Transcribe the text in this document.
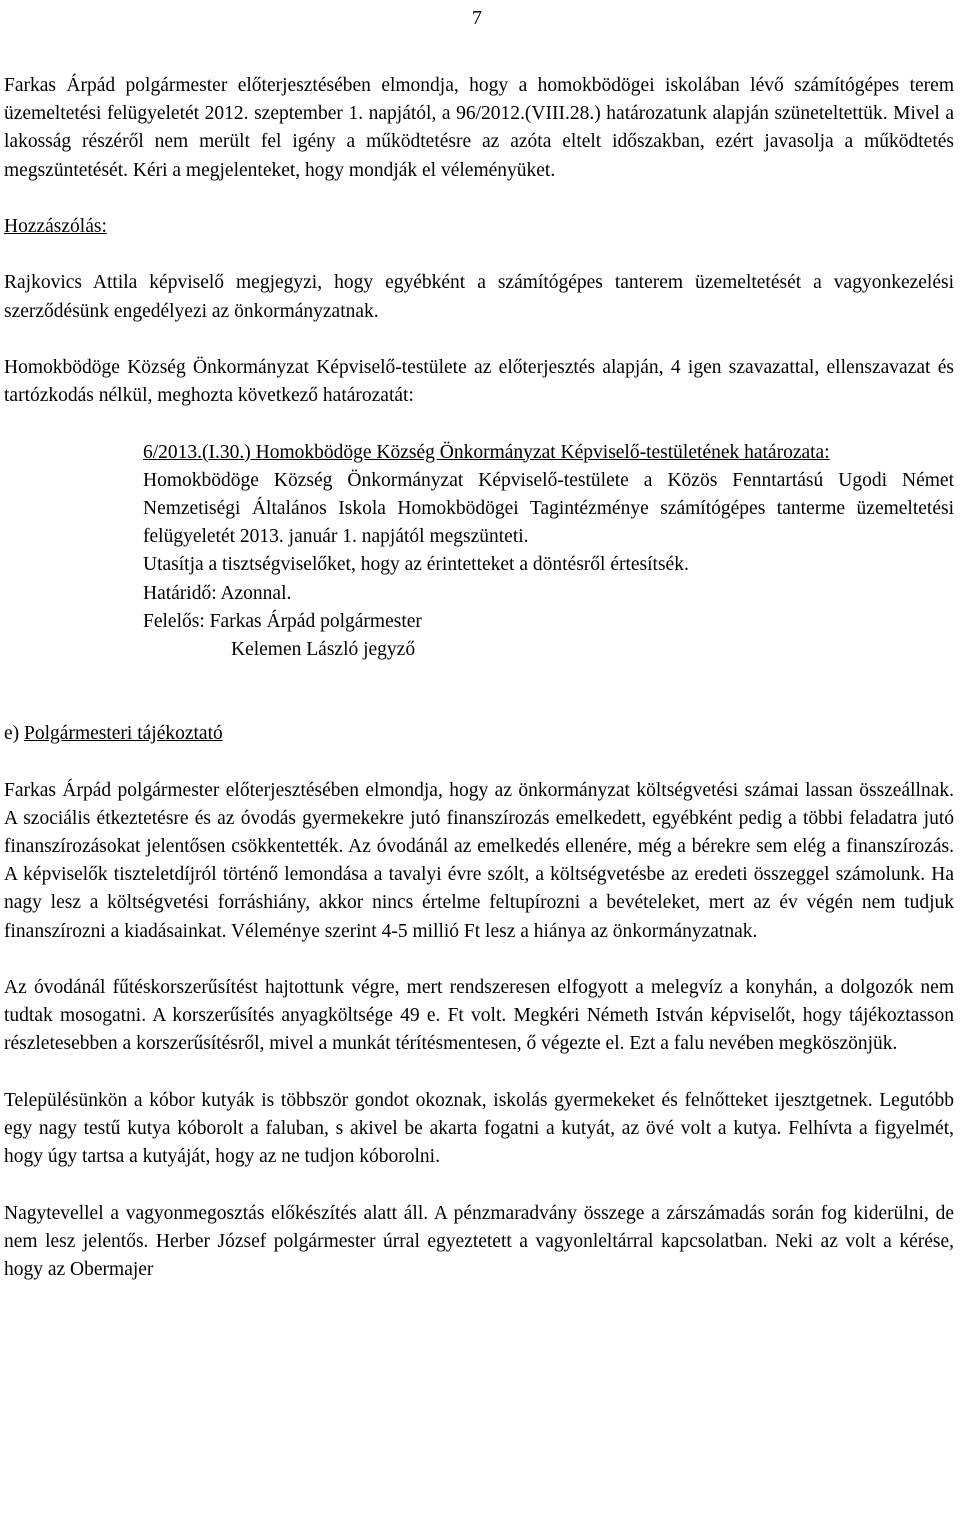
7

Farkas Árpád polgármester előterjesztésében elmondja, hogy a homokbödögei iskolában lévő számítógépes terem üzemeltetési felügyeletét 2012. szeptember 1. napjától, a 96/2012.(VIII.28.) határozatunk alapján szüneteltettük. Mivel a lakosság részéről nem merült fel igény a működtetésre az azóta eltelt időszakban, ezért javasolja a működtetés megszüntetését. Kéri a megjelenteket, hogy mondják el véleményüket.

Hozzászólás:

Rajkovics Attila képviselő megjegyzi, hogy egyébként a számítógépes tanterem üzemeltetését a vagyonkezelési szerződésünk engedélyezi az önkormányzatnak.

Homokbödöge Község Önkormányzat Képviselő-testülete az előterjesztés alapján, 4 igen szavazattal, ellenszavazat és tartózkodás nélkül, meghozta következő határozatát:

6/2013.(I.30.) Homokbödöge Község Önkormányzat Képviselő-testületének határozata:

Homokbödöge Község Önkormányzat Képviselő-testülete a Közös Fenntartású Ugodi Német Nemzetiségi Általános Iskola Homokbödögei Tagintézménye számítógépes tanterme üzemeltetési felügyeletét 2013. január 1. napjától megszünteti.

Utasítja a tisztségviselőket, hogy az érintetteket a döntésről értesítsék.

Határidő: Azonnal.

Felelős: Farkas Árpád polgármester

Kelemen László jegyző

e) Polgármesteri tájékoztató

Farkas Árpád polgármester előterjesztésében elmondja, hogy az önkormányzat költségvetési számai lassan összeállnak. A szociális étkeztetésre és az óvodás gyermekekre jutó finanszírozás emelkedett, egyébként pedig a többi feladatra jutó finanszírozásokat jelentősen csökkentették. Az óvodánál az emelkedés ellenére, még a bérekre sem elég a finanszírozás. A képviselők tiszteletdíjról történő lemondása a tavalyi évre szólt, a költségvetésbe az eredeti összeggel számolunk. Ha nagy lesz a költségvetési forráshiány, akkor nincs értelme feltupírozni a bevételeket, mert az év végén nem tudjuk finanszírozni a kiadásainkat. Véleménye szerint 4-5 millió Ft lesz a hiánya az önkormányzatnak.

Az óvodánál fűtéskorszerűsítést hajtottunk végre, mert rendszeresen elfogyott a melegvíz a konyhán, a dolgozók nem tudtak mosogatni. A korszerűsítés anyagköltsége 49 e. Ft volt. Megkéri Németh István képviselőt, hogy tájékoztasson részletesebben a korszerűsítésről, mivel a munkát térítésmentesen, ő végezte el. Ezt a falu nevében megköszönjük.

Településünkön a kóbor kutyák is többször gondot okoznak, iskolás gyermekeket és felnőtteket ijesztgetnek. Legutóbb egy nagy testű kutya kóborolt a faluban, s akivel be akarta fogatni a kutyát, az övé volt a kutya. Felhívta a figyelmét, hogy úgy tartsa a kutyáját, hogy az ne tudjon kóborolni.

Nagytevellel a vagyonmegosztás előkészítés alatt áll. A pénzmaradvány összege a zárszámadás során fog kiderülni, de nem lesz jelentős. Herber József polgármester úrral egyeztetett a vagyonleltárral kapcsolatban. Neki az volt a kérése, hogy az Obermajer
